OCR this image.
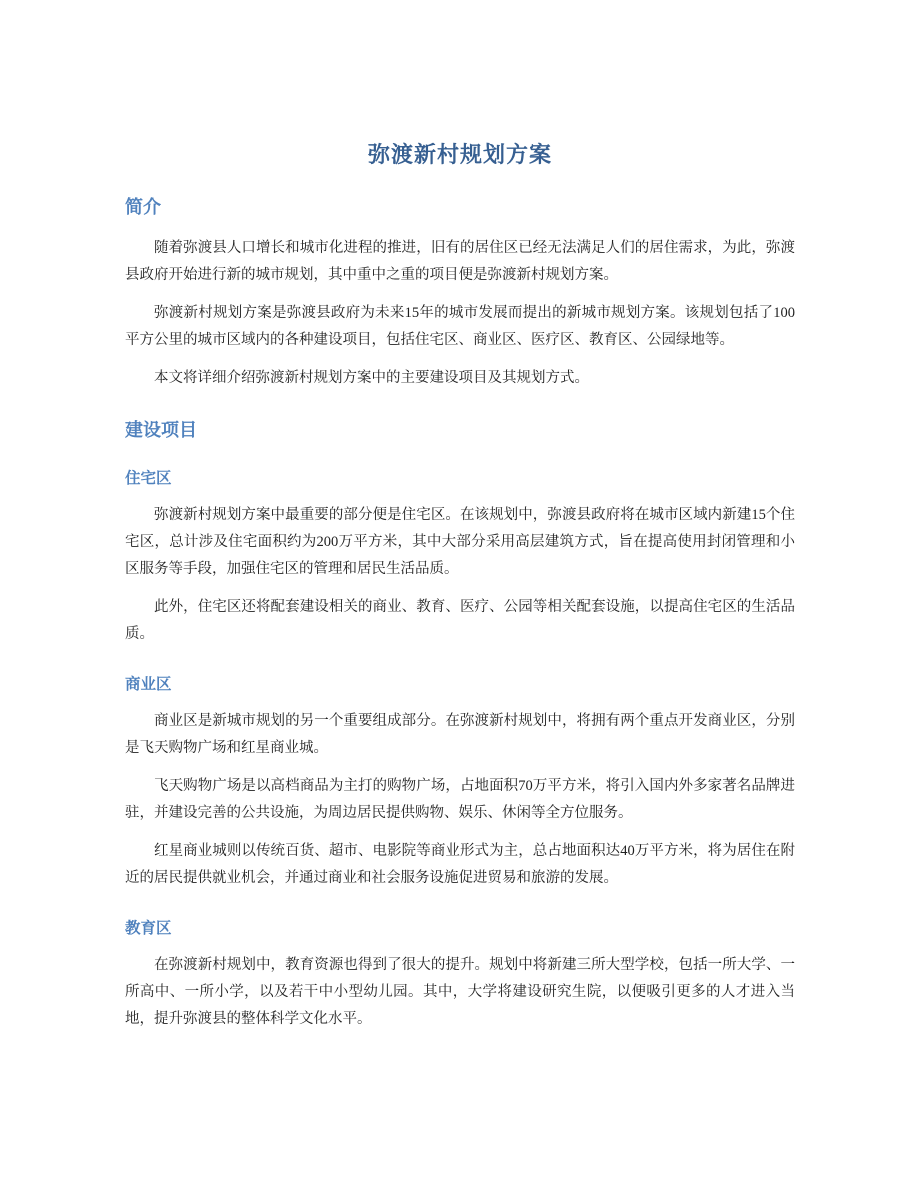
弥渡新村规划方案
简介

随着弥渡县人口增长和城市化进程的推进，旧有的居住区已经无法满足人们的居住需求，为此，弥渡县政府开始进行新的城市规划，其中重中之重的项目便是弥渡新村规划方案。

弥渡新村规划方案是弥渡县政府为未来15年的城市发展而提出的新城市规划方案。该规划包括了100平方公里的城市区域内的各种建设项目，包括住宅区、商业区、医疗区、教育区、公园绿地等。

本文将详细介绍弥渡新村规划方案中的主要建设项目及其规划方式。

建设项目
住宅区

弥渡新村规划方案中最重要的部分便是住宅区。在该规划中，弥渡县政府将在城市区域内新建15个住宅区，总计涉及住宅面积约为200万平方米，其中大部分采用高层建筑方式，旨在提高使用封闭管理和小区服务等手段，加强住宅区的管理和居民生活品质。

此外，住宅区还将配套建设相关的商业、教育、医疗、公园等相关配套设施，以提高住宅区的生活品质。

商业区

商业区是新城市规划的另一个重要组成部分。在弥渡新村规划中，将拥有两个重点开发商业区，分别是飞天购物广场和红星商业城。

飞天购物广场是以高档商品为主打的购物广场，占地面积70万平方米，将引入国内外多家著名品牌进驻，并建设完善的公共设施，为周边居民提供购物、娱乐、休闲等全方位服务。

红星商业城则以传统百货、超市、电影院等商业形式为主，总占地面积达40万平方米，将为居住在附近的居民提供就业机会，并通过商业和社会服务设施促进贸易和旅游的发展。

教育区

在弥渡新村规划中，教育资源也得到了很大的提升。规划中将新建三所大型学校，包括一所大学、一所高中、一所小学，以及若干中小型幼儿园。其中，大学将建设研究生院，以便吸引更多的人才进入当地，提升弥渡县的整体科学文化水平。
